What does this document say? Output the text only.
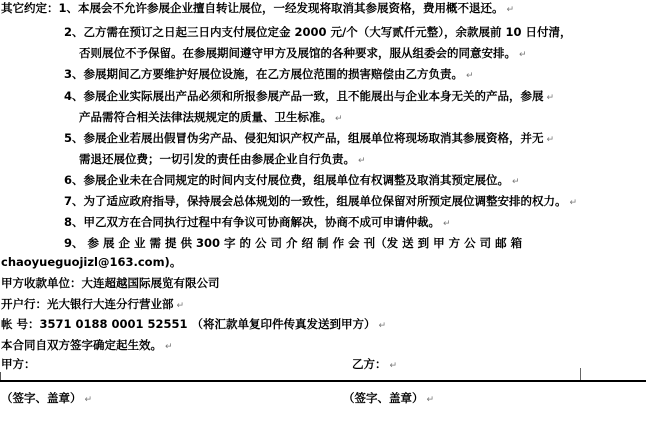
其它约定：1、本展会不允许参展企业擅自转让展位，一经发现将取消其参展资格，费用概不退还。 ↵
2、乙方需在预订之日起三日内支付展位定金 2000 元/个（大写贰仟元整），余款展前 10 日付清，
否则展位不予保留。在参展期间遵守甲方及展馆的各种要求，服从组委会的同意安排。 ↵
3、参展期间乙方要维护好展位设施，在乙方展位范围的损害赔偿由乙方负责。 ↵
4、参展企业实际展出产品必须和所报参展产品一致，且不能展出与企业本身无关的产品，参展 ↵
产品需符合相关法律法规规定的质量、卫生标准。 ↵
5、参展企业若展出假冒伪劣产品、侵犯知识产权产品，组展单位将现场取消其参展资格，并无 ↵
需退还展位费；一切引发的责任由参展企业自行负责。 ↵
6、参展企业未在合同规定的时间内支付展位费，组展单位有权调整及取消其预定展位。 ↵
7、为了适应政府指导，保持展会总体规划的一致性，组展单位保留对所预定展位调整安排的权力。 ↵
8、甲乙双方在合同执行过程中有争议可协商解决，协商不成可申请仲裁。 ↵
9、 参 展 企 业 需 提 供 300 字 的 公 司 介 绍 制 作 会 刊（发 送 到 甲 方 公 司 邮 箱
chaoyueguojizl@163.com)。
甲方收款单位：大连超越国际展览有限公司
开户行：光大银行大连分行营业部 ↵
帐 号：3571 0188 0001 52551 （将汇款单复印件传真发送到甲方） ↵
本合同自双方签字确定起生效。 ↵
甲方：	乙方： ↵
（签字、盖章） ↵	（签字、盖章） ↵
